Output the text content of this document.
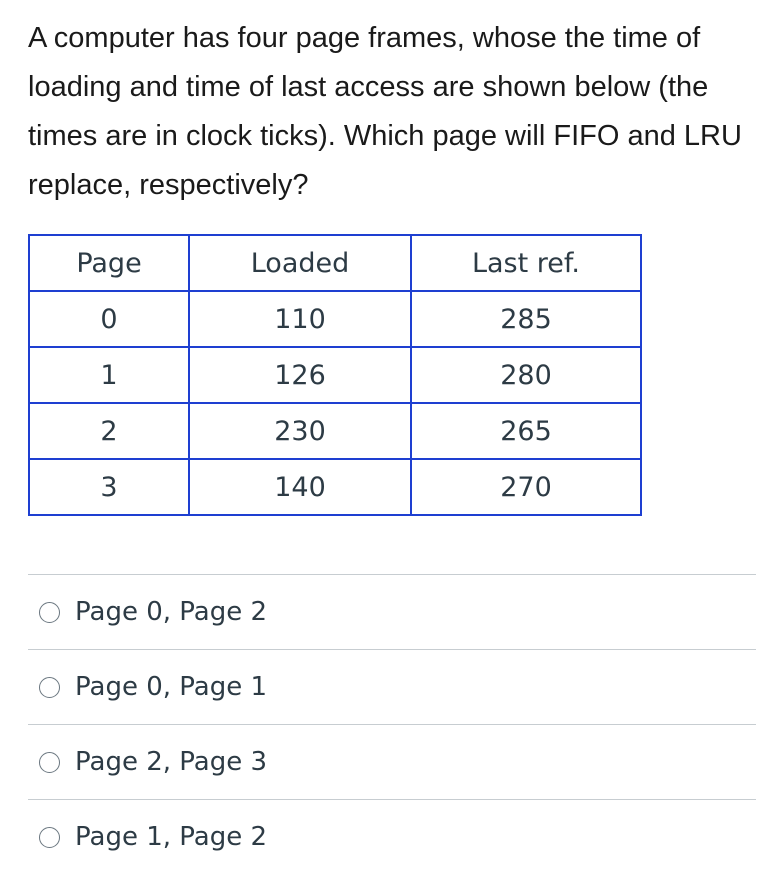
A computer has four page frames, whose the time of loading and time of last access are shown below (the times are in clock ticks). Which page will FIFO and LRU replace, respectively?

Page	Loaded	Last ref.
0	110	285
1	126	280
2	230	265
3	140	270
Page 0, Page 2
Page 0, Page 1
Page 2, Page 3
Page 1, Page 2
